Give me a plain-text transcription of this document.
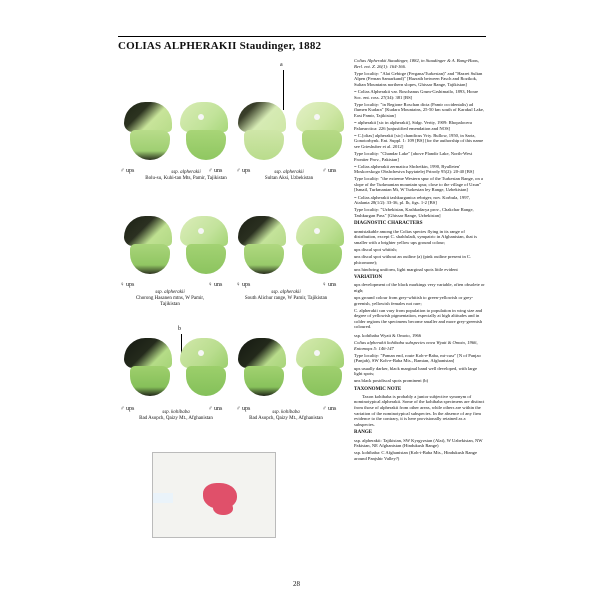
COLIAS ALPHERAKII Staudinger, 1882
a
♂ ups	♂ uns ♂ ups	♂ uns
ssp. alpherakii
Bolu-su, Kuhi-tan Mts, Pamir, Tajikistan
ssp. alpherakii
Sultan Aksi, Uzbekistan
♀ ups	♀ uns ♀ ups	♀ uns
ssp. alpherakii
Chorong Hasanen mtns, W Pamir, Tajikistan
ssp. alpherakii
South Alichur range, W Pamir, Tajikistan
b
♂ ups	♂ uns ♂ ups	♂ uns
ssp. kohibaba
Bad Asopch, Qaizy Mt., Afghanistan
ssp. kohibaba
Bad Asopch, Qaizy Mt., Afghanistan

Colias Alpherakii Staudinger, 1882, in Staudinger & A. Bang-Haas, Berl. ent. Z. 26(1): 164-166.

Type locality: "Alai Gebirge (Fergana/Turkestan)" and "Hazret Sultan Alpen (Fernan Samarkand)" [Hazrath between Fasch and Rozikok, Sultan Mountains northern slopes, Ghissar Range, Tajikistan]

= Colias Alpherakii var. Roschanus Grum-Grshimailo, 1893, Horae Soc. ent. ross. 27(34): 381 [BS]

Type locality: "in Regione Roschan dicta (Pamir occidentalis) ad flumen Kudara" [Kudara Mountains, 25-50 km south of Karakul Lake, East Pamir, Tajikistan]

= alpherakii [sic in alpherakii], Stdgr. Verity, 1909: Rhopalocera Palaearctica: 226 [unjustified emendation and NOS]

= C.[olias] alpherakii [sic] chandicus Vrty. Bullow, 1950, in Sartz, Gonotorhynk. Ent. Suppl. 1: 109 [BS] [for the authorship of this name see Grieshuber et al. 2012]

Type locality: "Chandar Lake" [above Plandir Lake, North-West Frontier Prov., Pakistan]

= Colias alpherakii zermatica Shchetkin, 1990, Byulleten' Moskovskogo Obshchestva Ispytatelej Prirody 95(2): 20-40 [BS]

Type locality: "the extreme Western spur of the Turkestan Range, on a slope of the Turkmanian mountain spur, close to the village of Uzun" [Ismail, Turkmanian Mt, W Turkestan ley Range, Uzbekistan]

= Colias alpherakii tashkurganica rebriger, nov. Korbula, 1997, Atalanta 28(1/2): 33-36, pl. Ih, figs. 1-2 [BS]

Type locality: "Uzbekistan, Kashkadarya prov., Chakchar Range, Tashkurgan Pass" [Ghissar Range, Uzbekistan]

DIAGNOSTIC CHARACTERS

unmistakable among the Colias species flying in its range of distribution, except C. shahfuladi, sympatric in Afghanistan, that is smaller with a brighter yellow ups ground colour;

ups discal spot whitish;

uns discal spot without an outline (a) (pink outline present in C. phicomone);

uns hindwing uniform, light marginal spots little evident

VARIATION

ups development of the black markings very variable, often obsolete or nigh;

ups ground colour from grey-whitish to green-yellowish or grey-greenish, yellowish females not rare;

C. alpherakii can vary from population to population in wing size and degree of yellowish pigmentation, especially at high altitudes and in colder regions the specimens become smaller and more grey-greenish coloured.

ssp. kohibaba Wyatt & Omoto, 1966

Colias alpherakii kohibaba subspecies nova Wyatt & Omoto, 1966, Entomops 5: 146-147

Type locality: "Paman end, route Koh-e-Baba, mt-cusr" [N of Panjao (Panjab), SW Koh-e-Baba Mts., Bamian, Afghanistan]

ups usually darker, black marginal band well developed, with large light spots;

uns black postdiscal spots prominent (b)

TAXONOMIC NOTE

Taxon kohibaba is probably a junior subjective synonym of nominotypical alpherakii. Some of the kohibaba specimens are distinct from those of alpherakii from other areas, while others are within the variation of the nominotypical subspecies. In the absence of any firm evidence to the contrary, it is here provisionally retained as a subspecies.

RANGE

ssp. alpherakii: Tajikistan, SW Kyrgyzstan (Alai), W Uzbekistan, NW Pakistan, NE Afghanistan (Hindukush Range)

ssp. kohibaba: C Afghanistan (Koh-i-Baba Mts., Hindukush Range around Panjshir Valley?)

28
